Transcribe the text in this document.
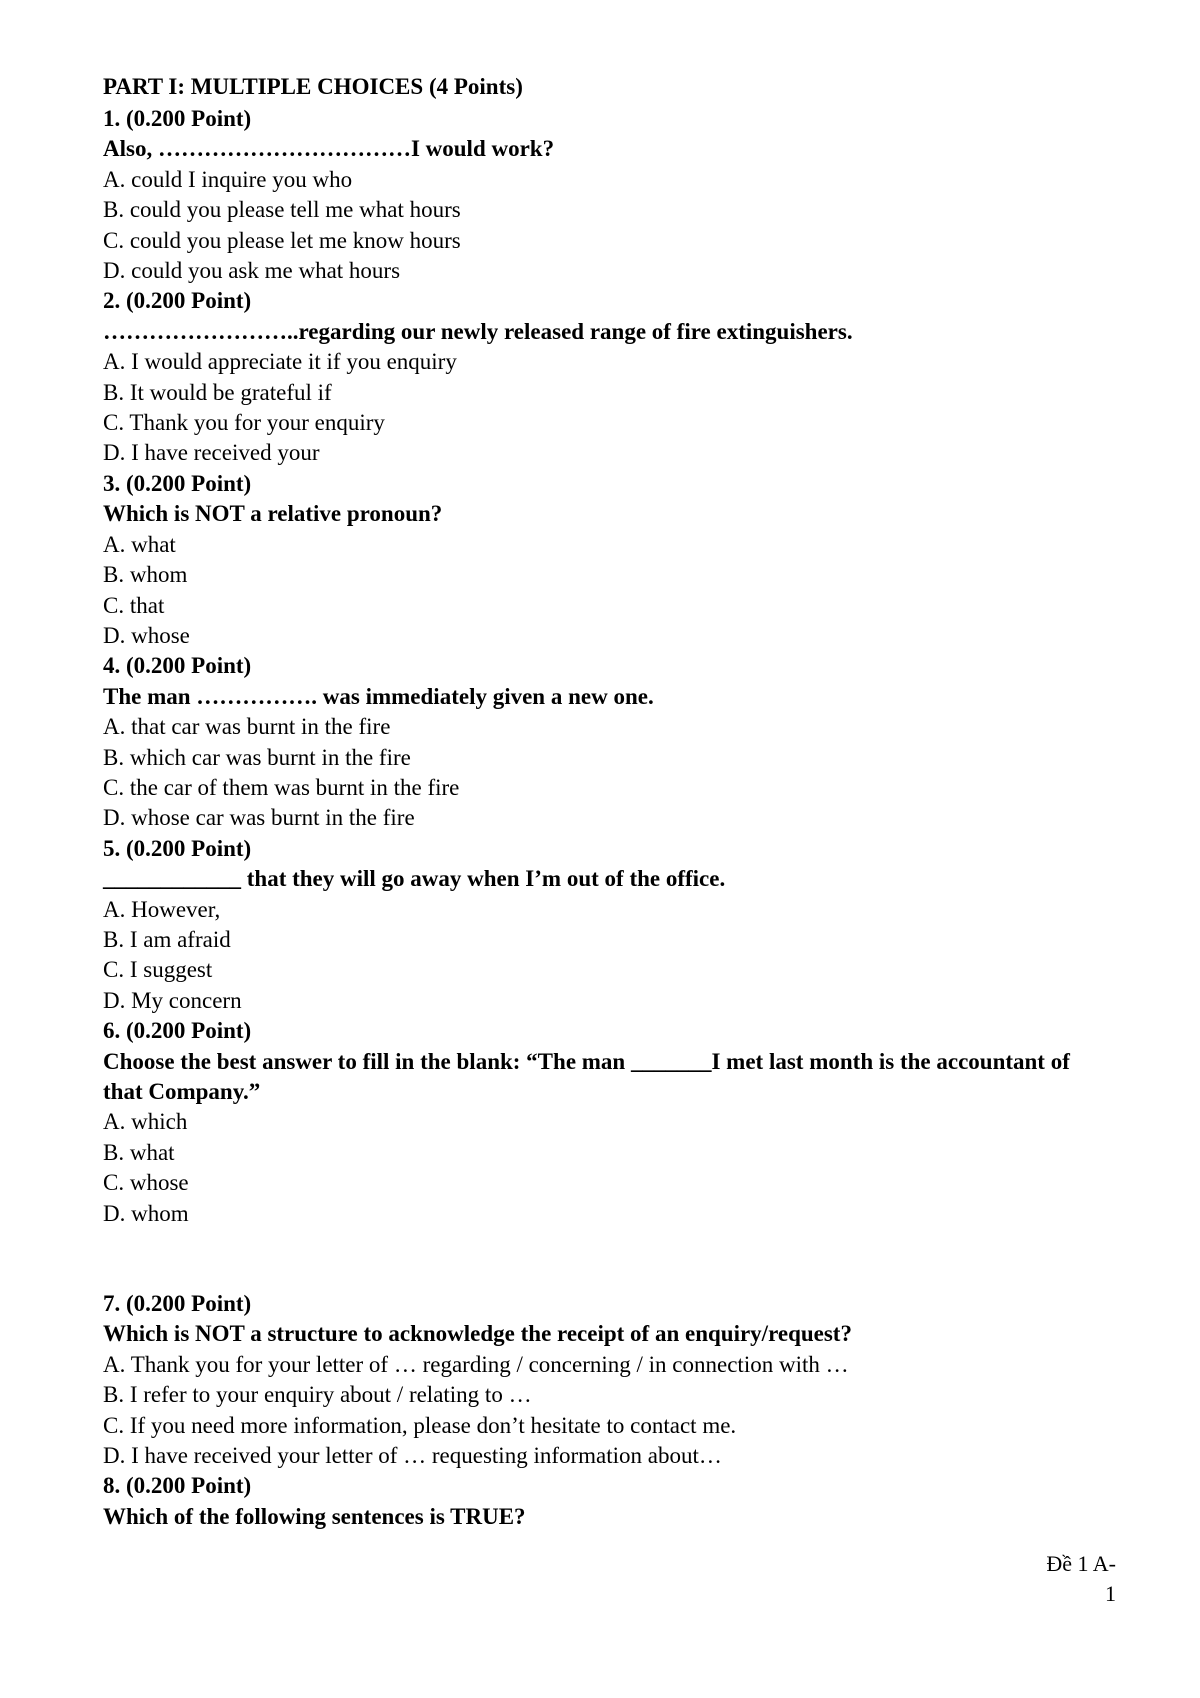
PART I: MULTIPLE CHOICES (4 Points)
1. (0.200 Point)
Also, ……………………………I would work?
A. could I inquire you who
B. could you please tell me what hours
C. could you please let me know hours
D. could you ask me what hours
2. (0.200 Point)
……………………..regarding our newly released range of fire extinguishers.
A. I would appreciate it if you enquiry
B. It would be grateful if
C. Thank you for your enquiry
D. I have received your
3. (0.200 Point)
Which is NOT a relative pronoun?
A. what
B. whom
C. that
D. whose
4. (0.200 Point)
The man ……………. was immediately given a new one.
A. that car was burnt in the fire
B. which car was burnt in the fire
C. the car of them was burnt in the fire
D. whose car was burnt in the fire
5. (0.200 Point)
____________ that they will go away when I’m out of the office.
A. However,
B. I am afraid
C. I suggest
D. My concern
6. (0.200 Point)
Choose the best answer to fill in the blank: “The man _______I met last month is the accountant of that Company.”
A. which
B. what
C. whose
D. whom
7. (0.200 Point)
Which is NOT a structure to acknowledge the receipt of an enquiry/request?
A. Thank you for your letter of … regarding / concerning / in connection with …
B. I refer to your enquiry about / relating to …
C. If you need more information, please don’t hesitate to contact me.
D. I have received your letter of … requesting information about…
8. (0.200 Point)
Which of the following sentences is TRUE?
Đề 1 A-
1
